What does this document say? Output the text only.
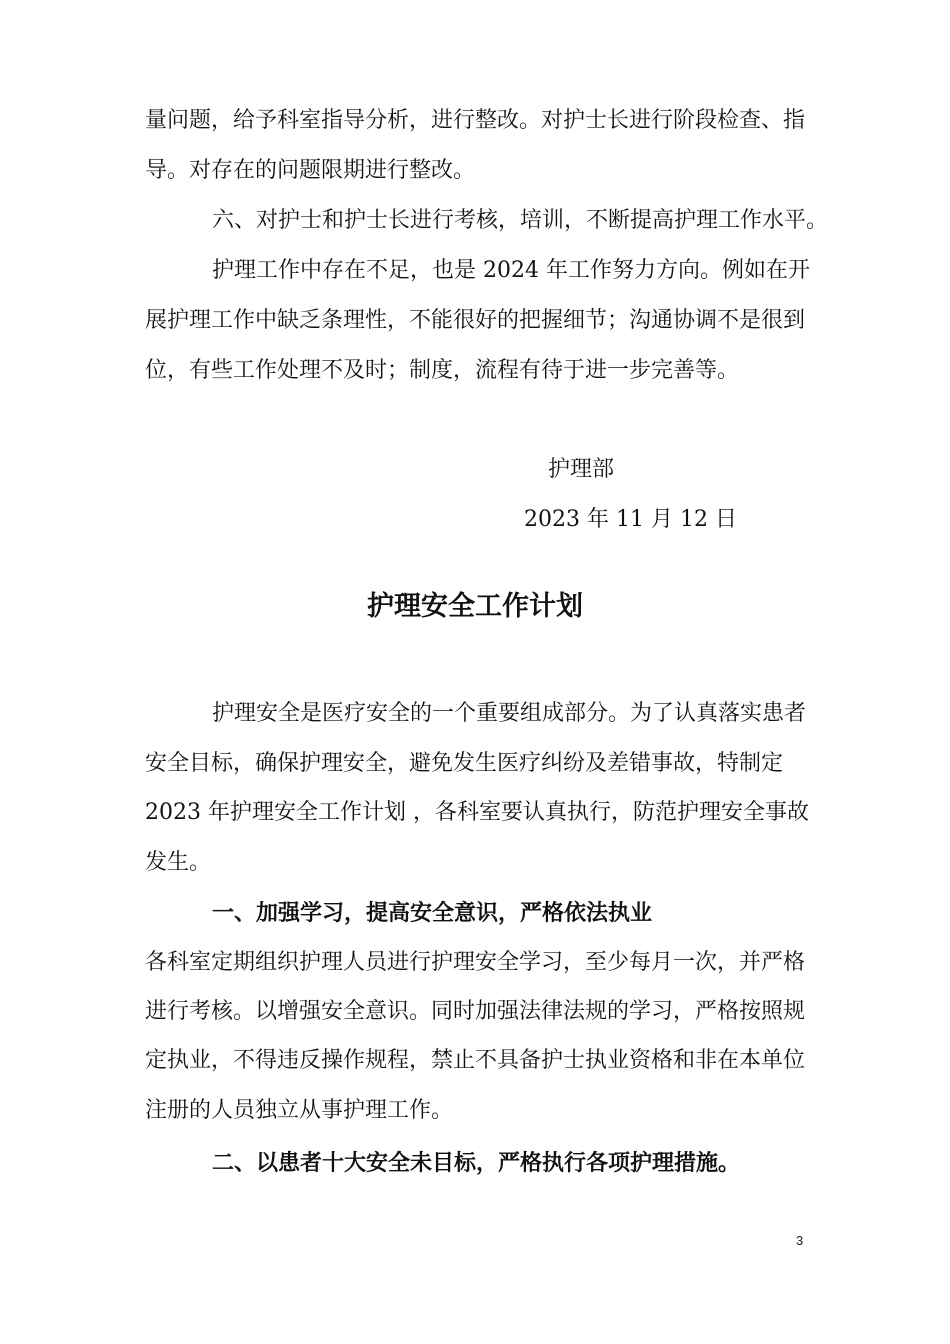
量问题，给予科室指导分析，进行整改。对护士长进行阶段检查、指
导。对存在的问题限期进行整改。
六、对护士和护士长进行考核，培训，不断提高护理工作水平。
护理工作中存在不足，也是 2024 年工作努力方向。例如在开
展护理工作中缺乏条理性，不能很好的把握细节；沟通协调不是很到
位，有些工作处理不及时；制度，流程有待于进一步完善等。
护理部
2023 年 11 月 12 日
护理安全工作计划
护理安全是医疗安全的一个重要组成部分。为了认真落实患者
安全目标，确保护理安全，避免发生医疗纠纷及差错事故，特制定
2023 年护理安全工作计划 ，各科室要认真执行，防范护理安全事故
发生。
一、加强学习，提高安全意识，严格依法执业
各科室定期组织护理人员进行护理安全学习，至少每月一次，并严格
进行考核。以增强安全意识。同时加强法律法规的学习，严格按照规
定执业，不得违反操作规程，禁止不具备护士执业资格和非在本单位
注册的人员独立从事护理工作。
二、以患者十大安全未目标，严格执行各项护理措施。
3
